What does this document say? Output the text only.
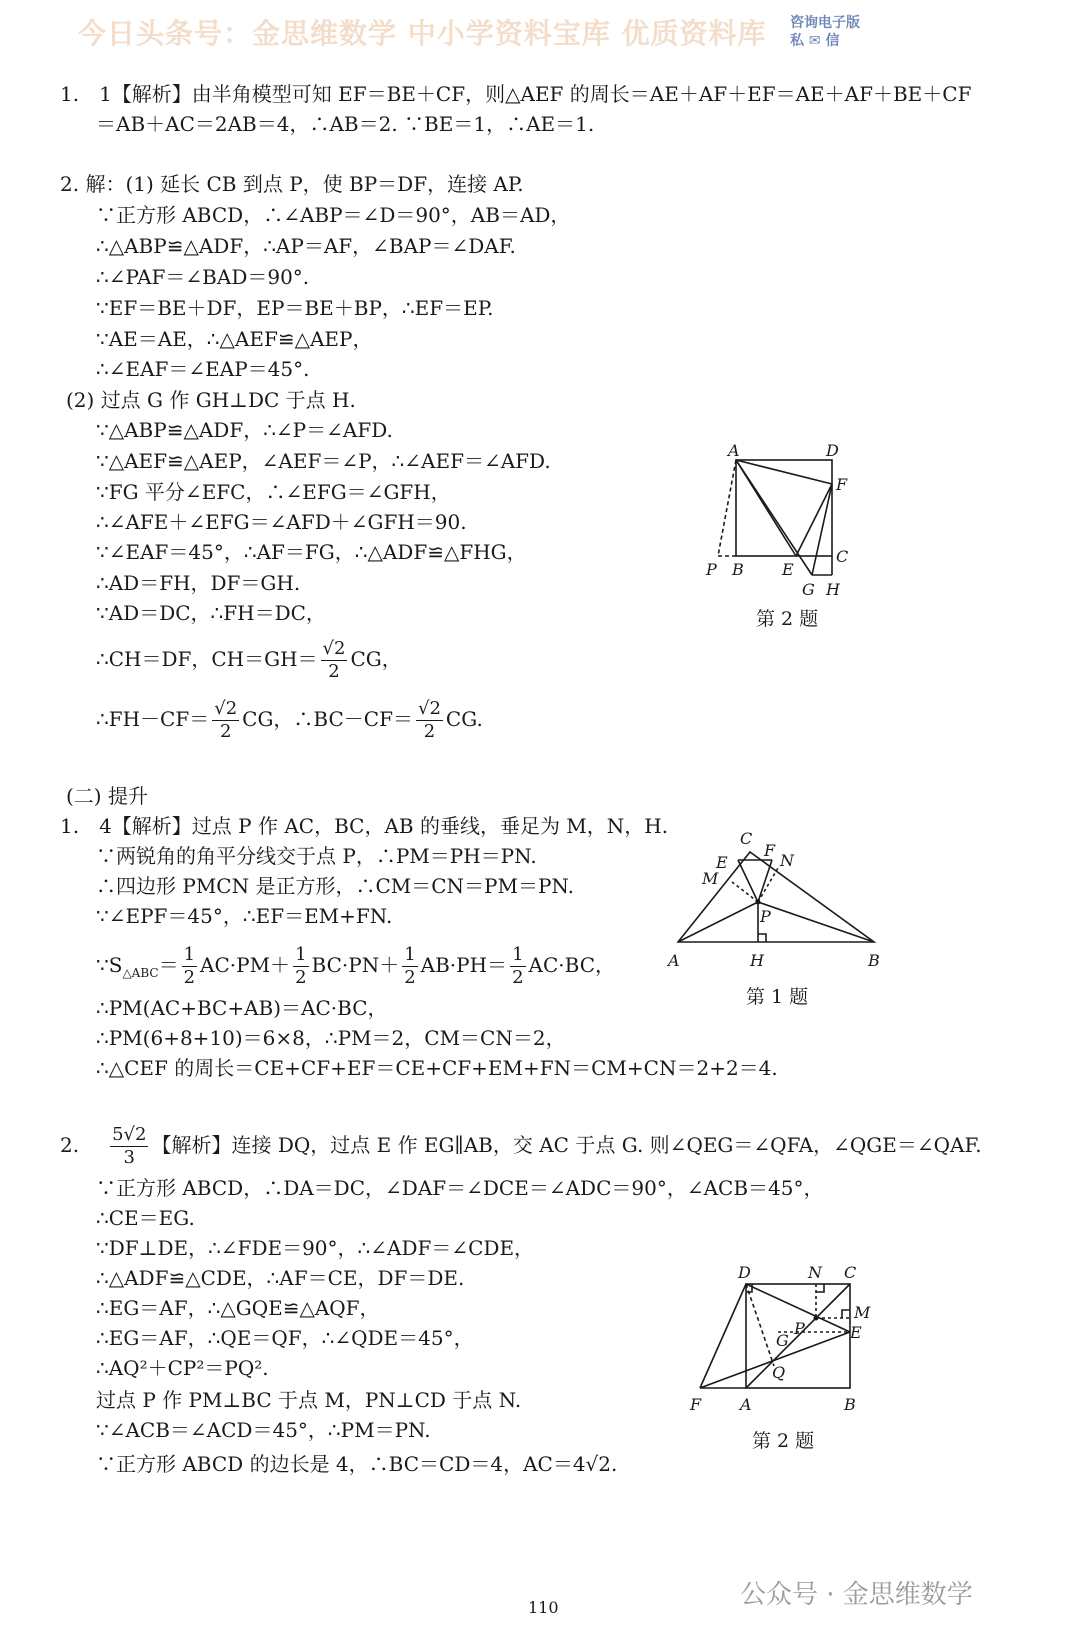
今日头条号：金思维数学 中小学资料宝库 优质资料库 咨询电子版
私 ✉ 信
1.　1【解析】由半角模型可知 EF＝BE＋CF，则△AEF 的周长＝AE＋AF＋EF＝AE＋AF＋BE＋CF
＝AB＋AC＝2AB＝4，∴AB＝2. ∵BE＝1，∴AE＝1.
2. 解：(1) 延长 CB 到点 P，使 BP＝DF，连接 AP.
∵正方形 ABCD，∴∠ABP＝∠D＝90°，AB＝AD，
∴△ABP≌△ADF，∴AP＝AF，∠BAP＝∠DAF.
∴∠PAF＝∠BAD＝90°.
∵EF＝BE＋DF，EP＝BE＋BP，∴EF＝EP.
∵AE＝AE，∴△AEF≌△AEP，
∴∠EAF＝∠EAP＝45°.
(2) 过点 G 作 GH⊥DC 于点 H.
∵△ABP≌△ADF，∴∠P＝∠AFD.
∵△AEF≌△AEP，∠AEF＝∠P，∴∠AEF＝∠AFD.
∵FG 平分∠EFC，∴∠EFG＝∠GFH，
∴∠AFE＋∠EFG＝∠AFD＋∠GFH＝90.
∵∠EAF＝45°，∴AF＝FG，∴△ADF≌△FHG，
∴AD＝FH，DF＝GH.
∵AD＝DC，∴FH＝DC，
∴CH＝DF，$CH=GH= \frac{√2}{2}$ CG，
∴FH－CF＝ $\frac{√2}{2}$ CG，∴BC－CF＝ $\frac{√2}{2}$ CG.
A	D
F
P B E
C
G H
第 2 题
(二) 提升
1.　4【解析】过点 P 作 AC，BC，AB 的垂线，垂足为 M，N，H.
∵两锐角的角平分线交于点 P，∴PM＝PH＝PN.
∴四边形 PMCN 是正方形，∴CM＝CN＝PM＝PN.
∵∠EPF＝45°，∴EF＝EM+FN.
$\because S_{\triangle ABC}= \frac{1}{2} AC\cdot PM+ \frac{1}{2} BC\cdot PN+ \frac{1}{2} AB\cdot PH= \frac{1}{2} AC\cdot BC$，
∴PM(AC+BC+AB)＝AC·BC，
∴PM(6+8+10)＝6×8，∴PM＝2，CM＝CN＝2，
∴△CEF 的周长＝CE+CF+EF＝CE+CF+EM+FN＝CM+CN＝2+2＝4.
C
E
F
N
M
P
A	H	B
第 1 题
2. $\frac{5√2}{3}$ 【解析】连接 DQ，过点 E 作 EG∥AB，交 AC 于点 G. 则∠QEG＝∠QFA，∠QGE＝∠QAF.
∵正方形 ABCD，∴DA＝DC，∠DAF＝∠DCE＝∠ADC＝90°，∠ACB＝45°，
∴CE＝EG.
∵DF⊥DE，∴∠FDE＝90°，∴∠ADF＝∠CDE，
∴△ADF≌△CDE，∴AF＝CE，DF＝DE.
∴EG＝AF，∴△GQE≌△AQF，
∴EG＝AF，∴QE＝QF，∴∠QDE＝45°，
∴AQ²＋CP²＝PQ².
过点 P 作 PM⊥BC 于点 M，PN⊥CD 于点 N.
∵∠ACB＝∠ACD＝45°，∴PM＝PN.
∵正方形 ABCD 的边长是 4，∴BC＝CD＝4，AC＝4√2.
D	N C
M
G
P	E
Q
F A	B
第 2 题
110	公众号 · 金思维数学
